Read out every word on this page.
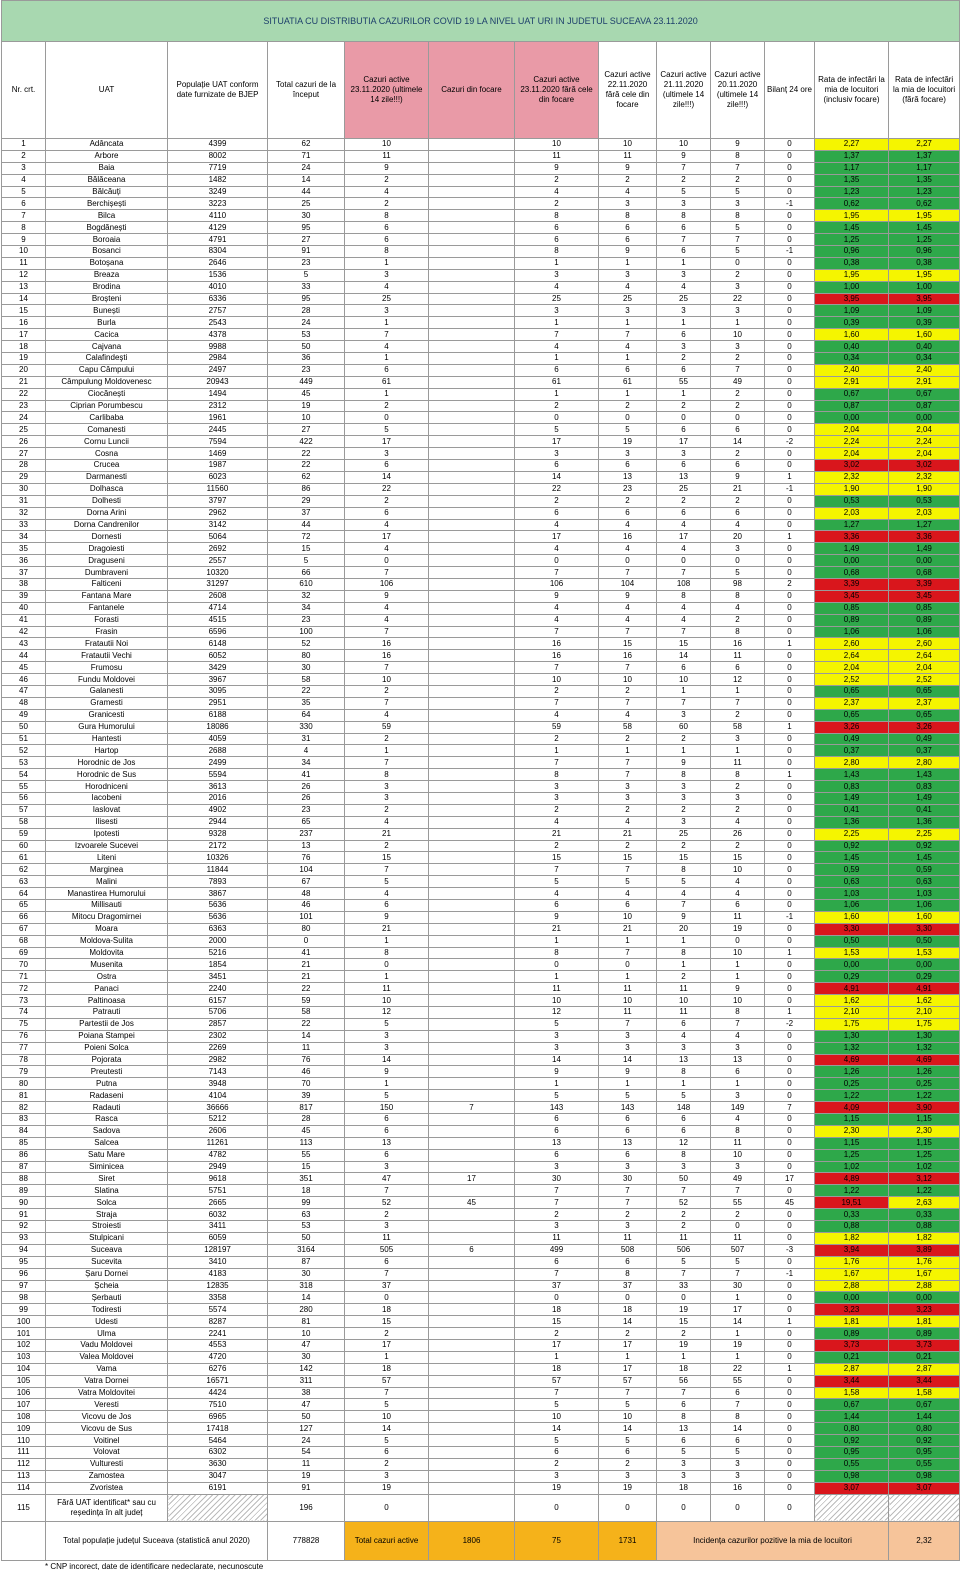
SITUATIA CU DISTRIBUTIA CAZURILOR COVID 19 LA NIVEL UAT URI IN JUDETUL SUCEAVA 23.11.2020													
Nr. crt.	UAT	Populație UAT conform date furnizate de BJEP	Total cazuri de la început	Cazuri active 23.11.2020 (ultimele 14 zile!!!)	Cazuri din focare	Cazuri active 23.11.2020 fără cele din focare	Cazuri active 22.11.2020 fără cele din focare	Cazuri active 21.11.2020 (ultimele 14 zile!!!)	Cazuri active 20.11.2020 (ultimele 14 zile!!!)	Bilanț 24 ore	Rata de infectări la mia de locuitori (inclusiv focare)	Rata de infectări la mia de locuitori (fără focare)	
1	Adâncata	4399	62	10		10	10	10	9	0	2,27	2,27	
2	Arbore	8002	71	11		11	11	9	8	0	1,37	1,37	
3	Baia	7719	24	9		9	9	7	7	0	1,17	1,17	
4	Bălăceana	1482	14	2		2	2	2	2	0	1,35	1,35	
5	Bălcăuți	3249	44	4		4	4	5	5	0	1,23	1,23	
6	Berchișești	3223	25	2		2	3	3	3	-1	0,62	0,62	
7	Bilca	4110	30	8		8	8	8	8	0	1,95	1,95	
8	Bogdănești	4129	95	6		6	6	6	5	0	1,45	1,45	
9	Boroaia	4791	27	6		6	6	7	7	0	1,25	1,25	
10	Bosanci	8304	91	8		8	9	6	5	-1	0,96	0,96	
11	Botoşana	2646	23	1		1	1	1	0	0	0,38	0,38	
12	Breaza	1536	5	3		3	3	3	2	0	1,95	1,95	
13	Brodina	4010	33	4		4	4	4	3	0	1,00	1,00	
14	Broșteni	6336	95	25		25	25	25	22	0	3,95	3,95	
15	Bunești	2757	28	3		3	3	3	3	0	1,09	1,09	
16	Burla	2543	24	1		1	1	1	1	0	0,39	0,39	
17	Cacica	4378	53	7		7	7	6	10	0	1,60	1,60	
18	Cajvana	9988	50	4		4	4	3	3	0	0,40	0,40	
19	Calafindeşti	2984	36	1		1	1	2	2	0	0,34	0,34	
20	Capu Câmpului	2497	23	6		6	6	6	7	0	2,40	2,40	
21	Câmpulung Moldovenesc	20943	449	61		61	61	55	49	0	2,91	2,91	
22	Ciocănești	1494	45	1		1	1	1	2	0	0,67	0,67	
23	Ciprian Porumbescu	2312	19	2		2	2	2	2	0	0,87	0,87	
24	Carlibaba	1961	10	0		0	0	0	0	0	0,00	0,00	
25	Comanesti	2445	27	5		5	5	6	6	0	2,04	2,04	
26	Cornu Luncii	7594	422	17		17	19	17	14	-2	2,24	2,24	
27	Cosna	1469	22	3		3	3	3	2	0	2,04	2,04	
28	Crucea	1987	22	6		6	6	6	6	0	3,02	3,02	
29	Darmanesti	6023	62	14		14	13	13	9	1	2,32	2,32	
30	Dolhasca	11560	86	22		22	23	25	21	-1	1,90	1,90	
31	Dolhesti	3797	29	2		2	2	2	2	0	0,53	0,53	
32	Dorna Arini	2962	37	6		6	6	6	6	0	2,03	2,03	
33	Dorna Candrenilor	3142	44	4		4	4	4	4	0	1,27	1,27	
34	Dornesti	5064	72	17		17	16	17	20	1	3,36	3,36	
35	Dragoiesti	2692	15	4		4	4	4	3	0	1,49	1,49	
36	Draguseni	2557	5	0		0	0	0	0	0	0,00	0,00	
37	Dumbraveni	10320	66	7		7	7	7	5	0	0,68	0,68	
38	Falticeni	31297	610	106		106	104	108	98	2	3,39	3,39	
39	Fantana Mare	2608	32	9		9	9	8	8	0	3,45	3,45	
40	Fantanele	4714	34	4		4	4	4	4	0	0,85	0,85	
41	Forasti	4515	23	4		4	4	4	2	0	0,89	0,89	
42	Frasin	6596	100	7		7	7	7	8	0	1,06	1,06	
43	Fratautii Noi	6148	52	16		16	15	15	16	1	2,60	2,60	
44	Fratautii Vechi	6052	80	16		16	16	14	11	0	2,64	2,64	
45	Frumosu	3429	30	7		7	7	6	6	0	2,04	2,04	
46	Fundu Moldovei	3967	58	10		10	10	10	12	0	2,52	2,52	
47	Galanesti	3095	22	2		2	2	1	1	0	0,65	0,65	
48	Gramesti	2951	35	7		7	7	7	7	0	2,37	2,37	
49	Granicesti	6188	64	4		4	4	3	2	0	0,65	0,65	
50	Gura Humorului	18086	330	59		59	58	60	58	1	3,26	3,26	
51	Hantesti	4059	31	2		2	2	2	3	0	0,49	0,49	
52	Hartop	2688	4	1		1	1	1	1	0	0,37	0,37	
53	Horodnic de Jos	2499	34	7		7	7	9	11	0	2,80	2,80	
54	Horodnic de Sus	5594	41	8		8	7	8	8	1	1,43	1,43	
55	Horodniceni	3613	26	3		3	3	3	2	0	0,83	0,83	
56	Iacobeni	2016	26	3		3	3	3	3	0	1,49	1,49	
57	Iaslovat	4902	23	2		2	2	2	2	0	0,41	0,41	
58	Ilisesti	2944	65	4		4	4	3	4	0	1,36	1,36	
59	Ipotesti	9328	237	21		21	21	25	26	0	2,25	2,25	
60	Izvoarele Sucevei	2172	13	2		2	2	2	2	0	0,92	0,92	
61	Liteni	10326	76	15		15	15	15	15	0	1,45	1,45	
62	Marginea	11844	104	7		7	7	8	10	0	0,59	0,59	
63	Malini	7893	67	5		5	5	5	4	0	0,63	0,63	
64	Manastirea Humorului	3867	48	4		4	4	4	4	0	1,03	1,03	
65	Millisauti	5636	46	6		6	6	7	6	0	1,06	1,06	
66	Mitocu Dragomirnei	5636	101	9		9	10	9	11	-1	1,60	1,60	
67	Moara	6363	80	21		21	21	20	19	0	3,30	3,30	
68	Moldova-Sulita	2000	0	1		1	1	1	0	0	0,50	0,50	
69	Moldovita	5216	41	8		8	7	8	10	1	1,53	1,53	
70	Musenita	1854	21	0		0	0	1	1	0	0,00	0,00	
71	Ostra	3451	21	1		1	1	2	1	0	0,29	0,29	
72	Panaci	2240	22	11		11	11	11	9	0	4,91	4,91	
73	Paltinoasa	6157	59	10		10	10	10	10	0	1,62	1,62	
74	Patrauti	5706	58	12		12	11	11	8	1	2,10	2,10	
75	Partestii de Jos	2857	22	5		5	7	6	7	-2	1,75	1,75	
76	Poiana Stampei	2302	14	3		3	3	4	4	0	1,30	1,30	
77	Poieni Solca	2269	11	3		3	3	3	3	0	1,32	1,32	
78	Pojorata	2982	76	14		14	14	13	13	0	4,69	4,69	
79	Preutesti	7143	46	9		9	9	8	6	0	1,26	1,26	
80	Putna	3948	70	1		1	1	1	1	0	0,25	0,25	
81	Radaseni	4104	39	5		5	5	5	3	0	1,22	1,22	
82	Radauti	36666	817	150	7	143	143	148	149	7	4,09	3,90	
83	Rasca	5212	28	6		6	6	6	4	0	1,15	1,15	
84	Sadova	2606	45	6		6	6	6	8	0	2,30	2,30	
85	Salcea	11261	113	13		13	13	12	11	0	1,15	1,15	
86	Satu Mare	4782	55	6		6	6	8	10	0	1,25	1,25	
87	Siminicea	2949	15	3		3	3	3	3	0	1,02	1,02	
88	Siret	9618	351	47	17	30	30	50	49	17	4,89	3,12	
89	Slatina	5751	18	7		7	7	7	7	0	1,22	1,22	
90	Solca	2665	99	52	45	7	7	52	55	45	19,51	2,63	
91	Straja	6032	63	2		2	2	2	2	0	0,33	0,33	
92	Stroiesti	3411	53	3		3	3	2	0	0	0,88	0,88	
93	Stulpicani	6059	50	11		11	11	11	11	0	1,82	1,82	
94	Suceava	128197	3164	505	6	499	508	506	507	-3	3,94	3,89	
95	Sucevita	3410	87	6		6	6	5	5	0	1,76	1,76	
96	Șaru Dornei	4183	30	7		7	8	7	7	-1	1,67	1,67	
97	Șcheia	12835	318	37		37	37	33	30	0	2,88	2,88	
98	Șerbauti	3358	14	0		0	0	0	1	0	0,00	0,00	
99	Todiresti	5574	280	18		18	18	19	17	0	3,23	3,23	
100	Udesti	8287	81	15		15	14	15	14	1	1,81	1,81	
101	Ulma	2241	10	2		2	2	2	1	0	0,89	0,89	
102	Vadu Moldovei	4553	47	17		17	17	19	19	0	3,73	3,73	
103	Valea Moldovei	4720	30	1		1	1	1	1	0	0,21	0,21	
104	Vama	6276	142	18		18	17	18	22	1	2,87	2,87	
105	Vatra Dornei	16571	311	57		57	57	56	55	0	3,44	3,44	
106	Vatra Moldovitei	4424	38	7		7	7	7	6	0	1,58	1,58	
107	Veresti	7510	47	5		5	5	6	7	0	0,67	0,67	
108	Vicovu de Jos	6965	50	10		10	10	8	8	0	1,44	1,44	
109	Vicovu de Sus	17418	127	14		14	14	13	14	0	0,80	0,80	
110	Voitinel	5464	24	5		5	5	6	6	0	0,92	0,92	
111	Volovat	6302	54	6		6	6	5	5	0	0,95	0,95	
112	Vulturesti	3630	11	2		2	2	3	3	0	0,55	0,55	
113	Zamostea	3047	19	3		3	3	3	3	0	0,98	0,98	
114	Zvoristea	6191	91	19		19	19	18	16	0	3,07	3,07	
115	Fără UAT identificat* sau cu reședința în alt județ		196	0		0	0	0	0	0			
	Total populație județul Suceava (statistică anul 2020)		778828	Total cazuri active	1806	75	1731	Incidența cazurilor pozitive la mia de locuitori				2,32	
* CNP incorect, date de identificare nedeclarate, necunoscute
